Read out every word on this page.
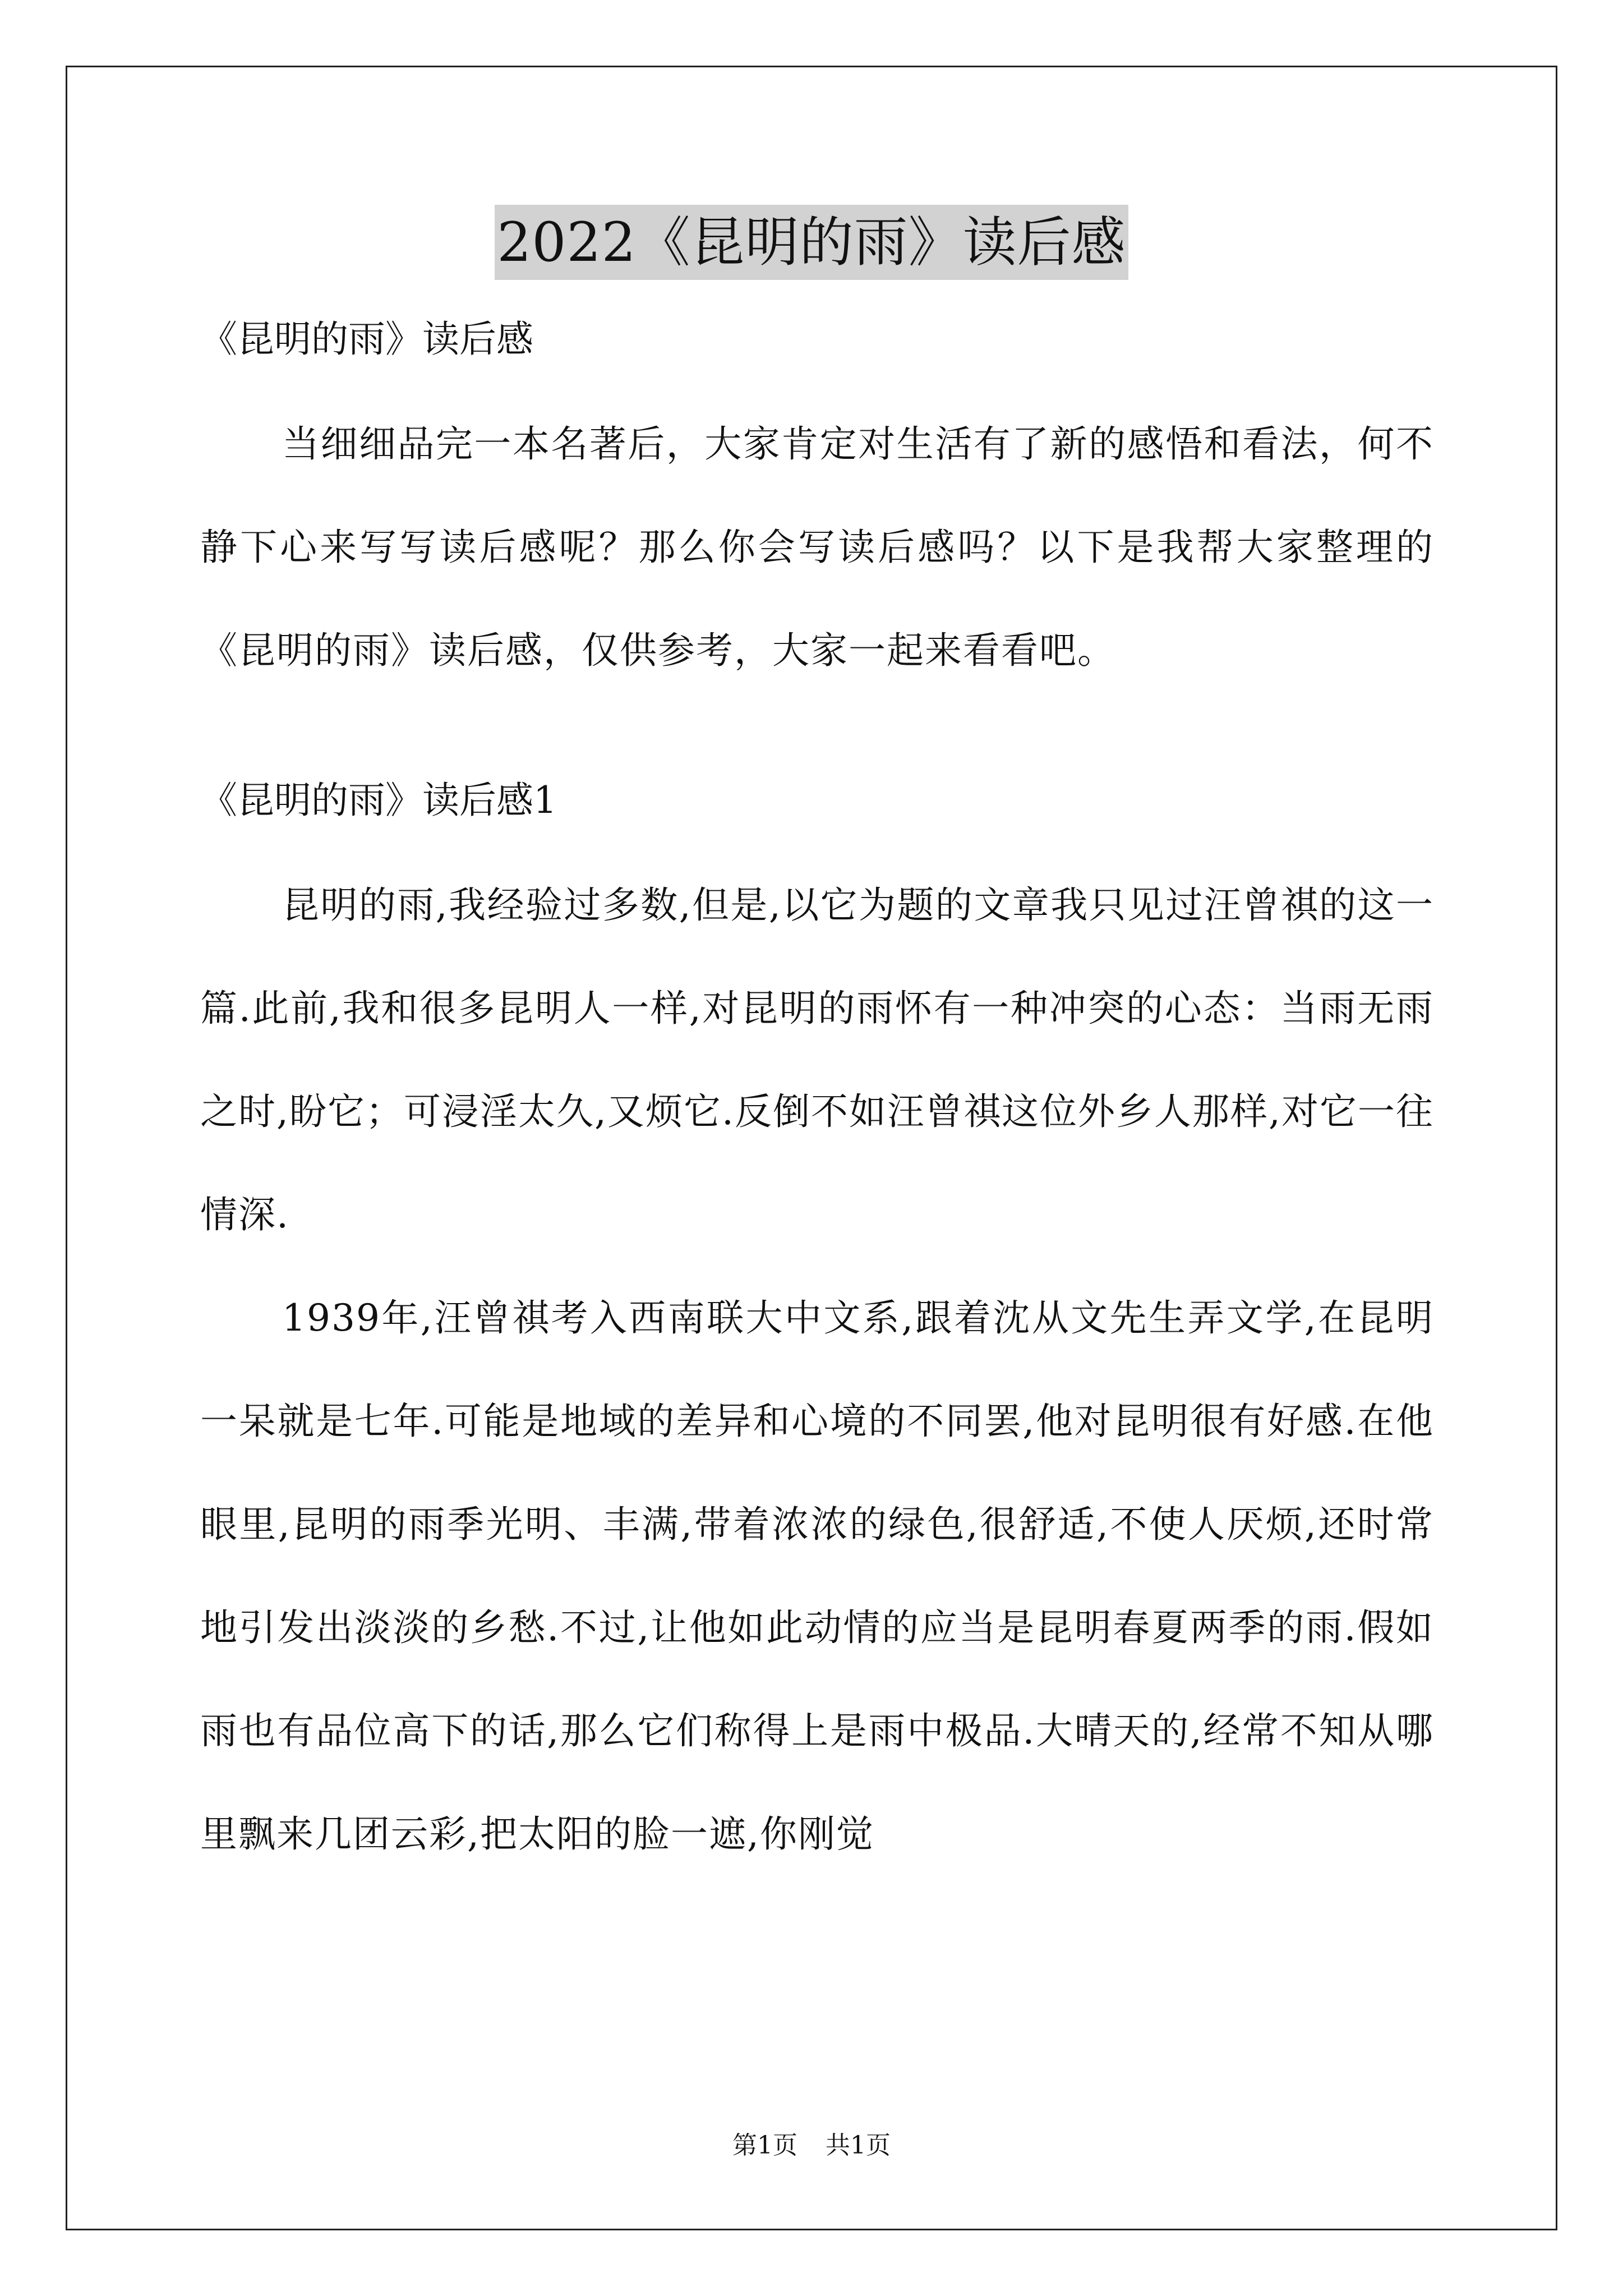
2022《昆明的雨》读后感

《昆明的雨》读后感

当细细品完一本名著后，大家肯定对生活有了新的感悟和看法，何不静下心来写写读后感呢？那么你会写读后感吗？以下是我帮大家整理的《昆明的雨》读后感，仅供参考，大家一起来看看吧。

《昆明的雨》读后感1

昆明的雨,我经验过多数,但是,以它为题的文章我只见过汪曾祺的这一篇.此前,我和很多昆明人一样,对昆明的雨怀有一种冲突的心态：当雨无雨之时,盼它；可浸淫太久,又烦它.反倒不如汪曾祺这位外乡人那样,对它一往情深.

1939年,汪曾祺考入西南联大中文系,跟着沈从文先生弄文学,在昆明一呆就是七年.可能是地域的差异和心境的不同罢,他对昆明很有好感.在他眼里,昆明的雨季光明、丰满,带着浓浓的绿色,很舒适,不使人厌烦,还时常地引发出淡淡的乡愁.不过,让他如此动情的应当是昆明春夏两季的雨.假如雨也有品位高下的话,那么它们称得上是雨中极品.大晴天的,经常不知从哪里飘来几团云彩,把太阳的脸一遮,你刚觉

第1页 共1页
